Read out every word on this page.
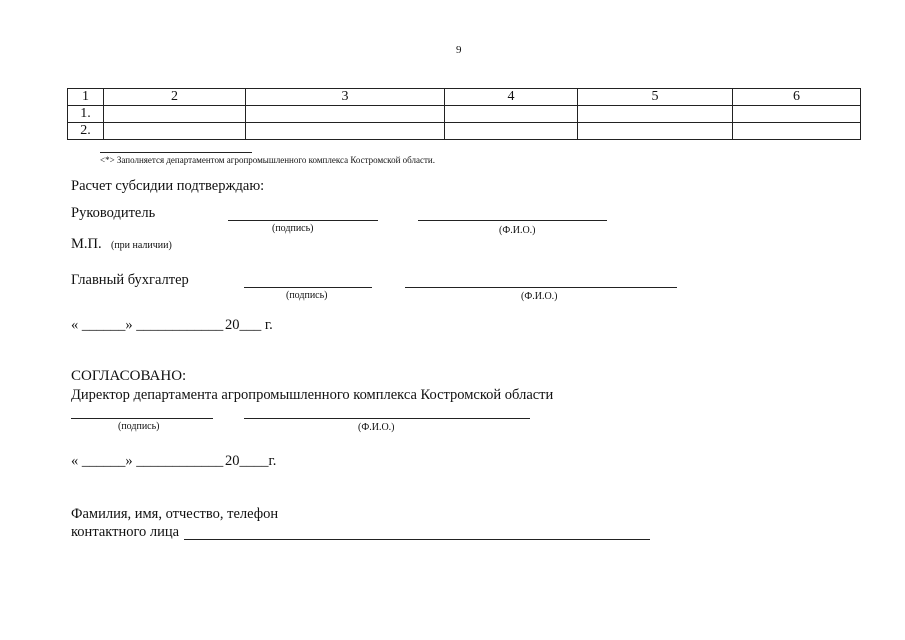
9
1	2	3	4	5	6
1.					
2.					
<*> Заполняется департаментом агропромышленного комплекса Костромской области.
Расчет субсидии подтверждаю:
Руководитель
(подпись)	(Ф.И.О.)
М.П. (при наличии)
Главный бухгалтер
(подпись)	(Ф.И.О.)
« ______» ____________ 20___ г.
СОГЛАСОВАНО:
Директор департамента агропромышленного комплекса Костромской области
(подпись)	(Ф.И.О.)
« ______» ____________ 20____г.
Фамилия, имя, отчество, телефон
контактного лица
